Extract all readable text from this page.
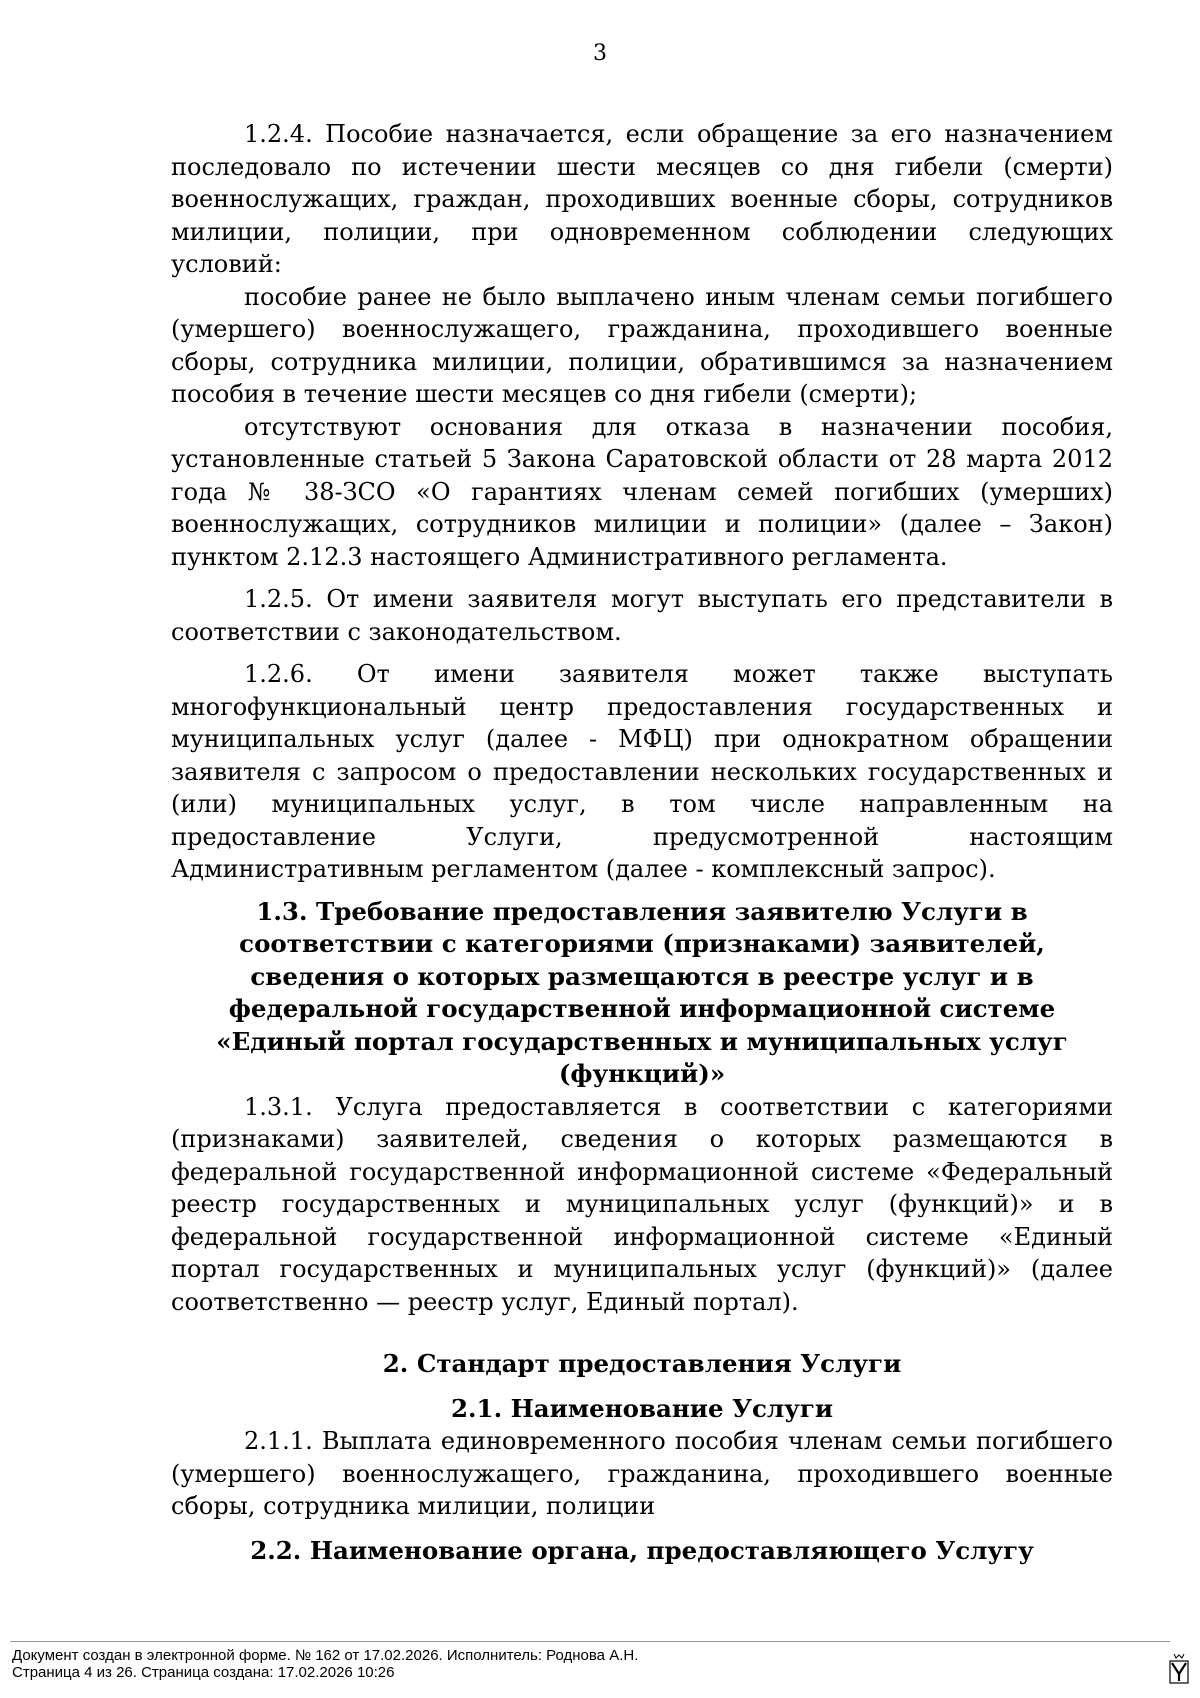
3

1.2.4. Пособие назначается, если обращение за его назначением последовало по истечении шести месяцев со дня гибели (смерти) военнослужащих, граждан, проходивших военные сборы, сотрудников милиции, полиции, при одновременном соблюдении следующих условий:

пособие ранее не было выплачено иным членам семьи погибшего (умершего) военнослужащего, гражданина, проходившего военные сборы, сотрудника милиции, полиции, обратившимся за назначением пособия в течение шести месяцев со дня гибели (смерти);

отсутствуют основания для отказа в назначении пособия, установленные статьей 5 Закона Саратовской области от 28 марта 2012 года № 38-ЗСО «О гарантиях членам семей погибших (умерших) военнослужащих, сотрудников милиции и полиции» (далее – Закон) пунктом 2.12.3 настоящего Административного регламента.

1.2.5. От имени заявителя могут выступать его представители в соответствии с законодательством.

1.2.6. От имени заявителя может также выступать многофункциональный центр предоставления государственных и муниципальных услуг (далее - МФЦ) при однократном обращении заявителя с запросом о предоставлении нескольких государственных и (или) муниципальных услуг, в том числе направленным на предоставление Услуги, предусмотренной настоящим Административным регламентом (далее - комплексный запрос).

1.3. Требование предоставления заявителю Услуги в соответствии с категориями (признаками) заявителей, сведения о которых размещаются в реестре услуг и в федеральной государственной информационной системе «Единый портал государственных и муниципальных услуг (функций)»

1.3.1. Услуга предоставляется в соответствии с категориями (признаками) заявителей, сведения о которых размещаются в федеральной государственной информационной системе «Федеральный реестр государственных и муниципальных услуг (функций)» и в федеральной государственной информационной системе «Единый портал государственных и муниципальных услуг (функций)» (далее соответственно — реестр услуг, Единый портал).

2. Стандарт предоставления Услуги
2.1. Наименование Услуги

2.1.1. Выплата единовременного пособия членам семьи погибшего (умершего) военнослужащего, гражданина, проходившего военные сборы, сотрудника милиции, полиции

2.2. Наименование органа, предоставляющего Услугу
Документ создан в электронной форме. № 162 от 17.02.2026. Исполнитель: Роднова А.Н.
Страница 4 из 26. Страница создана: 17.02.2026 10:26
